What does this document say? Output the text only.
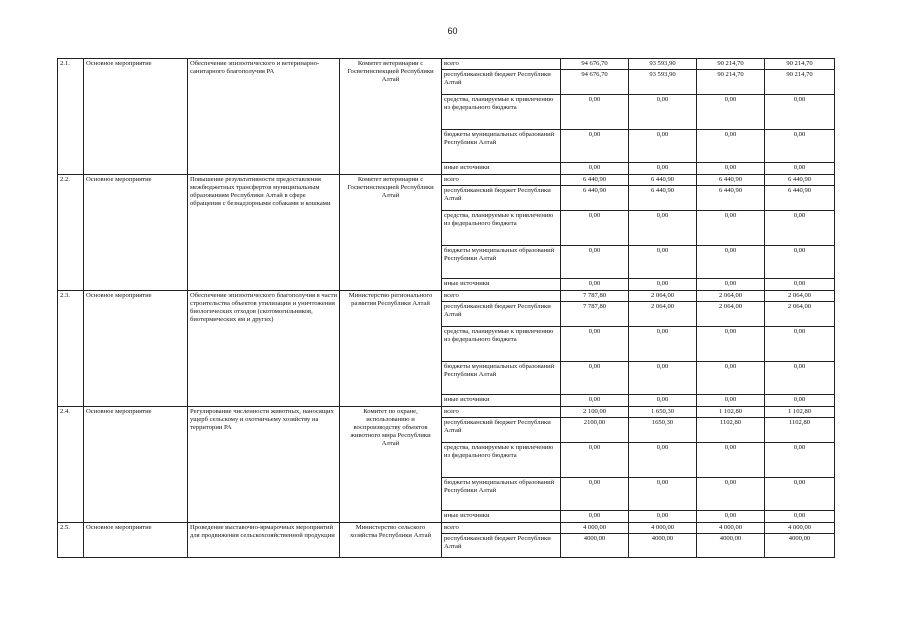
60
2.1.	Основное мероприятие	Обеспечение эпизоотического и ветеринарно-санитарного благополучия РА	Комитет ветеринарии с Госветинспекцией Республики Алтай	всего	94 676,70	93 593,90	90 214,70	90 214,70
				республиканский бюджет Республики Алтай	94 676,70	93 593,90	90 214,70	90 214,70
				средства, планируемые к привлечению из федерального бюджета	0,00	0,00	0,00	0,00
				бюджеты муниципальных образований Республики Алтай	0,00	0,00	0,00	0,00
				иные источники	0,00	0,00	0,00	0,00
2.2.	Основное мероприятие	Повышение результативности предоставления межбюджетных трансфертов муниципальным образованиям Республики Алтай в сфере обращения с безнадзорными собаками и кошками	Комитет ветеринарии с Госветинспекцией Республики Алтай	всего	6 440,90	6 440,90	6 440,90	6 440,90
				республиканский бюджет Республики Алтай	6 440,90	6 440,90	6 440,90	6 440,90
				средства, планируемые к привлечению из федерального бюджета	0,00	0,00	0,00	0,00
				бюджеты муниципальных образований Республики Алтай	0,00	0,00	0,00	0,00
				иные источники	0,00	0,00	0,00	0,00
2.3.	Основное мероприятие	Обеспечение эпизоотического благополучия в части строительства объектов утилизации и уничтожения биологических отходов (скотомогильников, биотермических ям и других)	Министерство регионального развития Республики Алтай	всего	7 787,80	2 064,00	2 064,00	2 064,00
				республиканский бюджет Республики Алтай	7 787,80	2 064,00	2 064,00	2 064,00
				средства, планируемые к привлечению из федерального бюджета	0,00	0,00	0,00	0,00
				бюджеты муниципальных образований Республики Алтай	0,00	0,00	0,00	0,00
				иные источники	0,00	0,00	0,00	0,00
2.4.	Основное мероприятие	Регулирование численности животных, наносящих ущерб сельскому и охотничьему хозяйству на территории РА	Комитет по охране, использованию и воспроизводству объектов животного мира Республики Алтай	всего	2 100,00	1 650,30	1 102,80	1 102,80
				республиканский бюджет Республики Алтай	2100,00	1650,30	1102,80	1102,80
				средства, планируемые к привлечению из федерального бюджета	0,00	0,00	0,00	0,00
				бюджеты муниципальных образований Республики Алтай	0,00	0,00	0,00	0,00
				иные источники	0,00	0,00	0,00	0,00
2.5.	Основное мероприятие	Проведение выставочно-ярмарочных мероприятий для продвижения сельскохозяйственной продукции	Министерство сельского хозяйства Республики Алтай	всего	4 000,00	4 000,00	4 000,00	4 000,00
				республиканский бюджет Республики Алтай	4000,00	4000,00	4000,00	4000,00
